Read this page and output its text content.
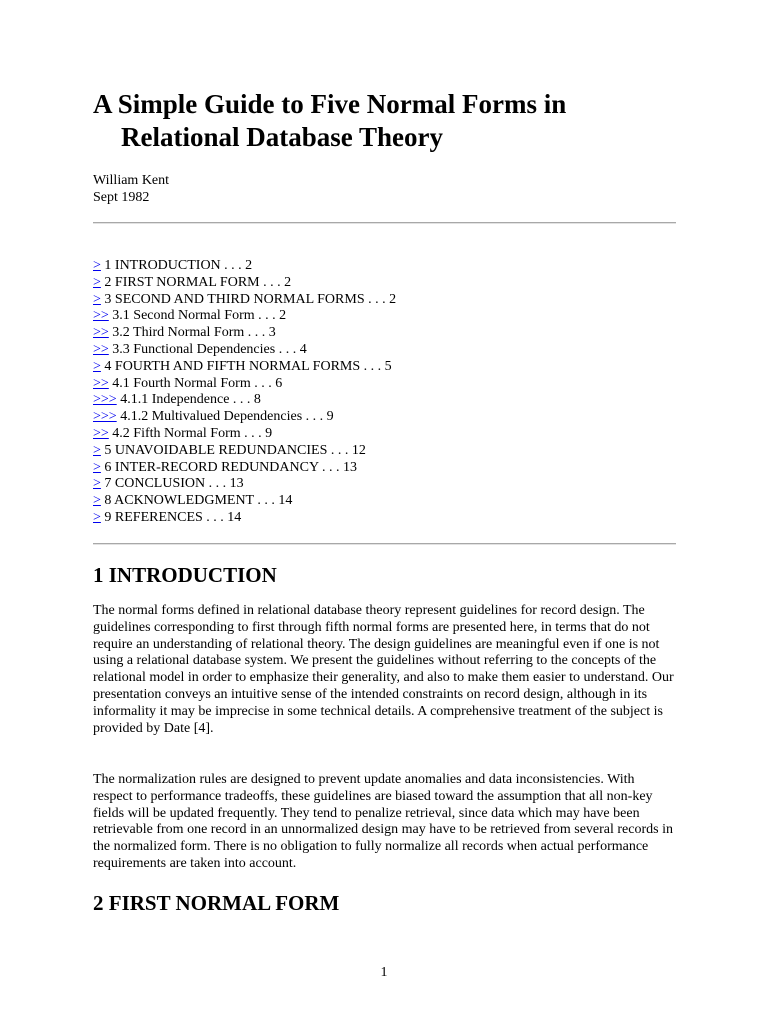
A Simple Guide to Five Normal Forms in
Relational Database Theory
William Kent
Sept 1982
> 1 INTRODUCTION . . . 2
> 2 FIRST NORMAL FORM . . . 2
> 3 SECOND AND THIRD NORMAL FORMS . . . 2
>> 3.1 Second Normal Form . . . 2
>> 3.2 Third Normal Form . . . 3
>> 3.3 Functional Dependencies . . . 4
> 4 FOURTH AND FIFTH NORMAL FORMS . . . 5
>> 4.1 Fourth Normal Form . . . 6
>>> 4.1.1 Independence . . . 8
>>> 4.1.2 Multivalued Dependencies . . . 9
>> 4.2 Fifth Normal Form . . . 9
> 5 UNAVOIDABLE REDUNDANCIES . . . 12
> 6 INTER-RECORD REDUNDANCY . . . 13
> 7 CONCLUSION . . . 13
> 8 ACKNOWLEDGMENT . . . 14
> 9 REFERENCES . . . 14
1 INTRODUCTION

The normal forms defined in relational database theory represent guidelines for record design. The guidelines corresponding to first through fifth normal forms are presented here, in terms that do not require an understanding of relational theory. The design guidelines are meaningful even if one is not using a relational database system. We present the guidelines without referring to the concepts of the relational model in order to emphasize their generality, and also to make them easier to understand. Our presentation conveys an intuitive sense of the intended constraints on record design, although in its informality it may be imprecise in some technical details. A comprehensive treatment of the subject is provided by Date [4].

The normalization rules are designed to prevent update anomalies and data inconsistencies. With respect to performance tradeoffs, these guidelines are biased toward the assumption that all non-key fields will be updated frequently. They tend to penalize retrieval, since data which may have been retrievable from one record in an unnormalized design may have to be retrieved from several records in the normalized form. There is no obligation to fully normalize all records when actual performance requirements are taken into account.

2 FIRST NORMAL FORM
1
